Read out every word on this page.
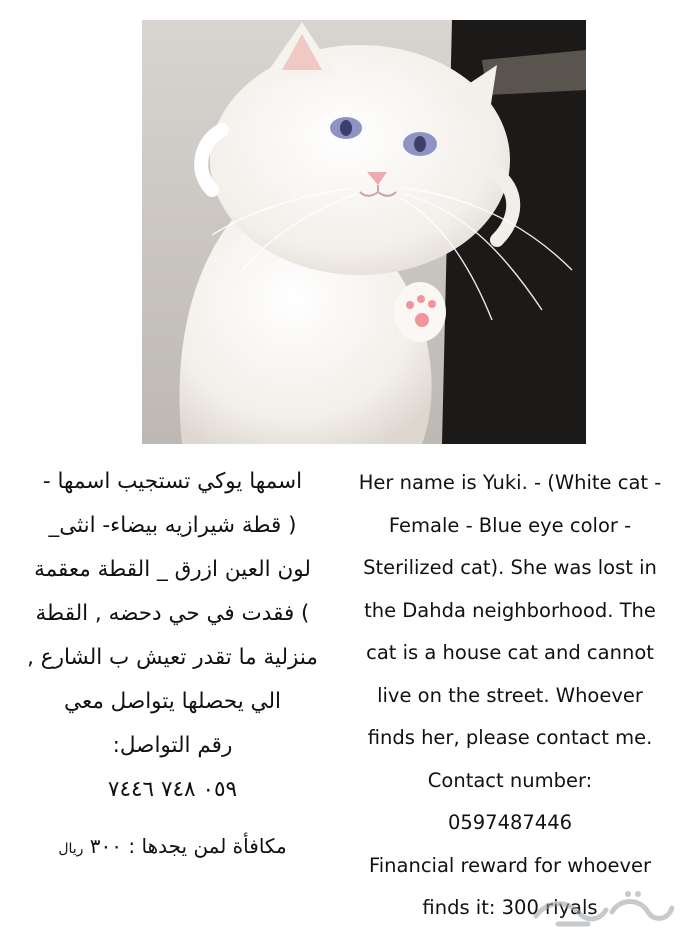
اسمها يوكي تستجيب اسمها -
( قطة شيرازيه بيضاء- انثى_
لون العين ازرق _ القطة معقمة
) فقدت في حي دحضه , القطة
منزلية ما تقدر تعيش ب الشارع ,
الي يحصلها يتواصل معي
رقم التواصل:
٠٥٩ ٧٤٨ ٧٤٤٦
مكافأة لمن يجدها : ٣٠٠ ريال
Her name is Yuki. - (White cat -
Female - Blue eye color -
Sterilized cat). She was lost in
the Dahda neighborhood. The
cat is a house cat and cannot
live on the street. Whoever
finds her, please contact me.
Contact number:
0597487446
Financial reward for whoever
finds it: 300 riyals
